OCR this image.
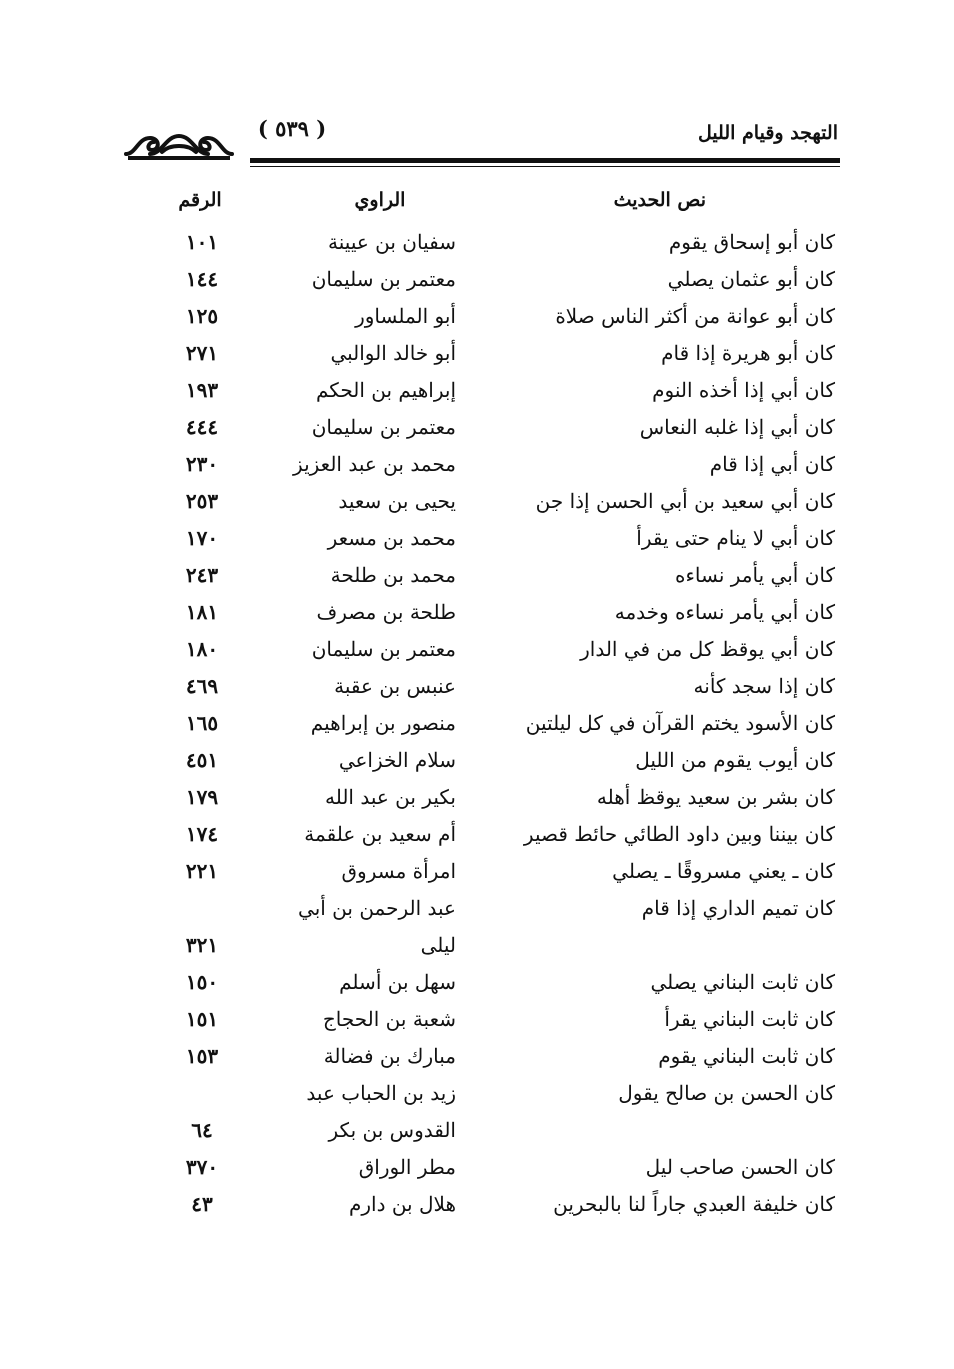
التهجد وقيام الليل
( ٥٣٩ )
نص الحديث
الراوي
الرقم
كان أبو إسحاق يقوم
سفيان بن عيينة
١٠١
كان أبو عثمان يصلي
معتمر بن سليمان
١٤٤
كان أبو عوانة من أكثر الناس صلاة
أبو الملساور
١٢٥
كان أبو هريرة إذا قام
أبو خالد الوالبي
٢٧١
كان أبي إذا أخذه النوم
إبراهيم بن الحكم
١٩٣
كان أبي إذا غلبه النعاس
معتمر بن سليمان
٤٤٤
كان أبي إذا قام
محمد بن عبد العزيز
٢٣٠
كان أبي سعيد بن أبي الحسن إذا جن
يحيى بن سعيد
٢٥٣
كان أبي لا ينام حتى يقرأ
محمد بن مسعر
١٧٠
كان أبي يأمر نساءه
محمد بن طلحة
٢٤٣
كان أبي يأمر نساءه وخدمه
طلحة بن مصرف
١٨١
كان أبي يوقظ كل من في الدار
معتمر بن سليمان
١٨٠
كان إذا سجد كأنه
عنبس بن عقبة
٤٦٩
كان الأسود يختم القرآن في كل ليلتين
منصور بن إبراهيم
١٦٥
كان أيوب يقوم من الليل
سلام الخزاعي
٤٥١
كان بشر بن سعيد يوقظ أهله
بكير بن عبد الله
١٧٩
كان بيننا وبين داود الطائي حائط قصير
أم سعيد بن علقمة
١٧٤
كان ـ يعني مسروقًا ـ يصلي
امرأة مسروق
٢٢١
كان تميم الداري إذا قام
عبد الرحمن بن أبي
ليلى
٣٢١
كان ثابت البناني يصلي
سهل بن أسلم
١٥٠
كان ثابت البناني يقرأ
شعبة بن الحجاج
١٥١
كان ثابت البناني يقوم
مبارك بن فضالة
١٥٣
كان الحسن بن صالح يقول
زيد بن الحباب عبد
القدوس بن بكر
٦٤
كان الحسن صاحب ليل
مطر الوراق
٣٧٠
كان خليفة العبدي جاراً لنا بالبحرين
هلال بن دارم
٤٣
